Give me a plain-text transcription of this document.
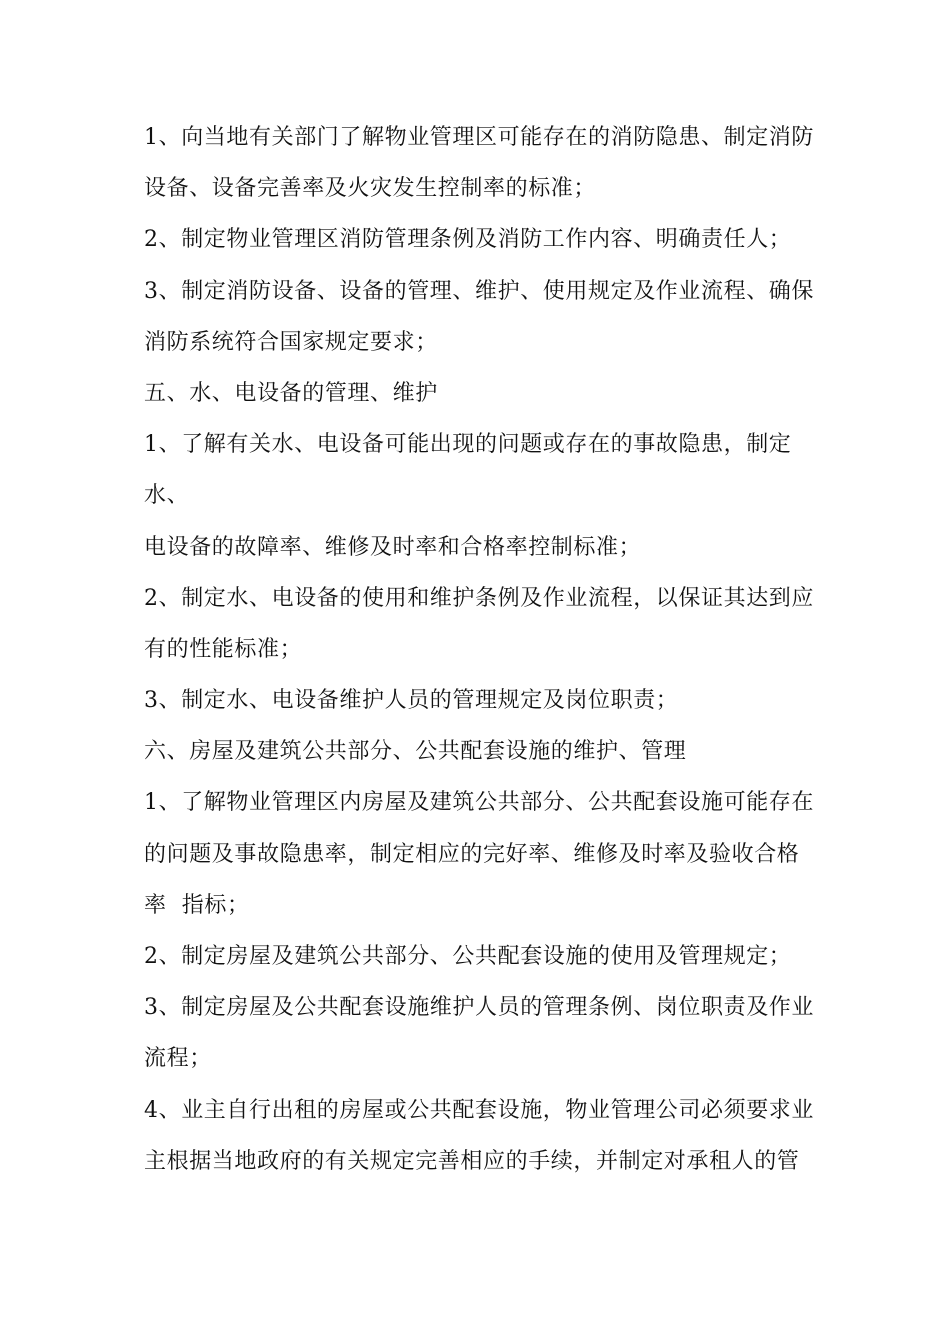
1、向当地有关部门了解物业管理区可能存在的消防隐患、制定消防
设备、设备完善率及火灾发生控制率的标准；
2、制定物业管理区消防管理条例及消防工作内容、明确责任人；
3、制定消防设备、设备的管理、维护、使用规定及作业流程、确保
消防系统符合国家规定要求；
五、水、电设备的管理、维护
1、了解有关水、电设备可能出现的问题或存在的事故隐患，制定
水、
电设备的故障率、维修及时率和合格率控制标准；
2、制定水、电设备的使用和维护条例及作业流程，以保证其达到应
有的性能标准；
3、制定水、电设备维护人员的管理规定及岗位职责；
六、房屋及建筑公共部分、公共配套设施的维护、管理
1、了解物业管理区内房屋及建筑公共部分、公共配套设施可能存在
的问题及事故隐患率，制定相应的完好率、维修及时率及验收合格
率  指标；
2、制定房屋及建筑公共部分、公共配套设施的使用及管理规定；
3、制定房屋及公共配套设施维护人员的管理条例、岗位职责及作业
流程；
4、业主自行出租的房屋或公共配套设施，物业管理公司必须要求业
主根据当地政府的有关规定完善相应的手续，并制定对承租人的管
